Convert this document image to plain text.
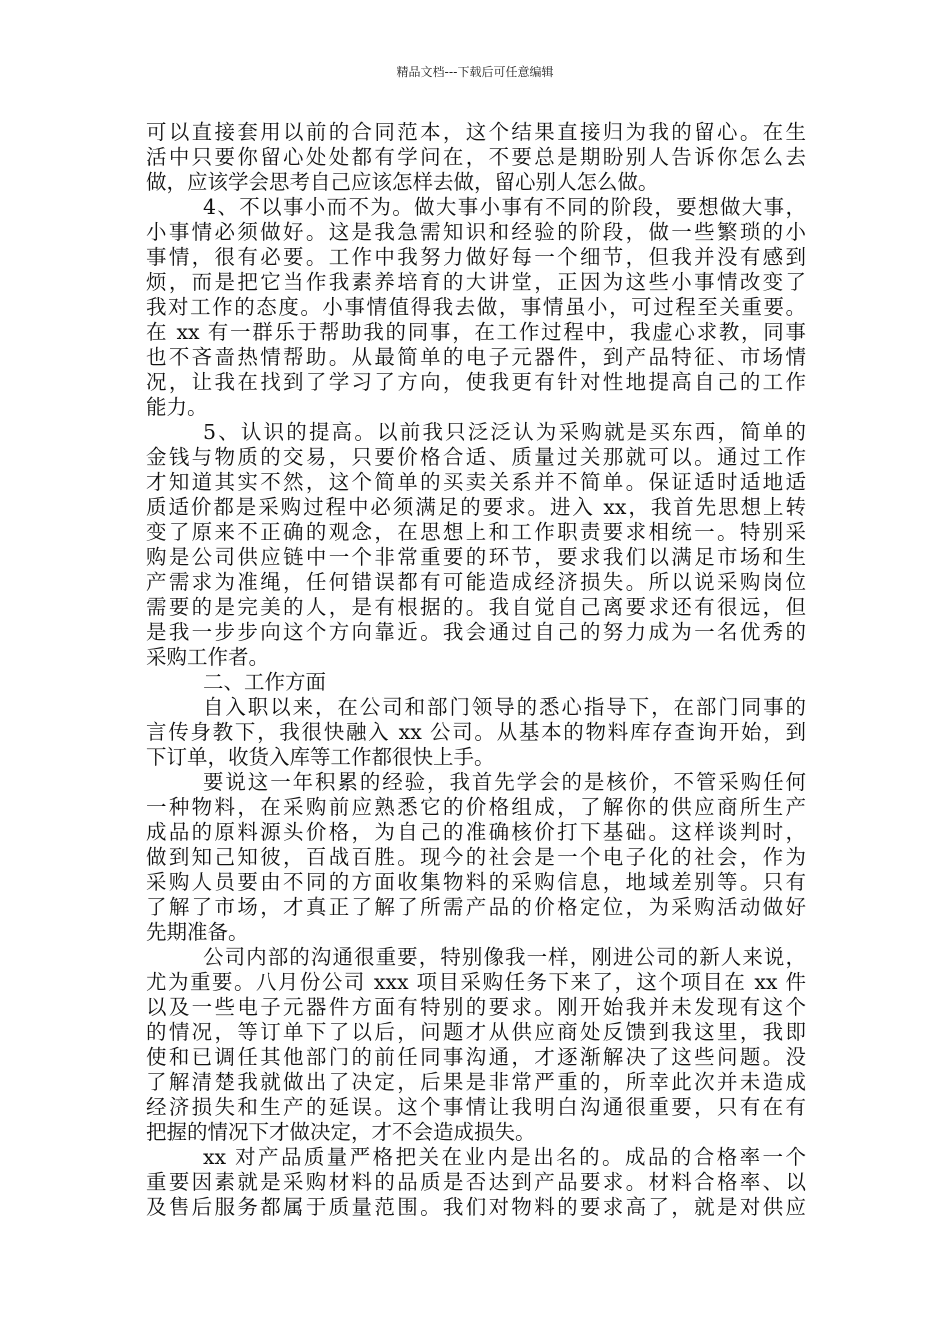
精品文档---下载后可任意编辑
可以直接套用以前的合同范本，这个结果直接归为我的留心。在生
活中只要你留心处处都有学问在，不要总是期盼别人告诉你怎么去
做，应该学会思考自己应该怎样去做，留心别人怎么做。
4、不以事小而不为。做大事小事有不同的阶段，要想做大事，
小事情必须做好。这是我急需知识和经验的阶段，做一些繁琐的小
事情，很有必要。工作中我努力做好每一个细节，但我并没有感到
烦，而是把它当作我素养培育的大讲堂，正因为这些小事情改变了
我对工作的态度。小事情值得我去做，事情虽小，可过程至关重要。
在 xx 有一群乐于帮助我的同事，在工作过程中，我虚心求教，同事
也不吝啬热情帮助。从最简单的电子元器件，到产品特征、市场情
况，让我在找到了学习了方向，使我更有针对性地提高自己的工作
能力。
5、认识的提高。以前我只泛泛认为采购就是买东西，简单的
金钱与物质的交易，只要价格合适、质量过关那就可以。通过工作
才知道其实不然，这个简单的买卖关系并不简单。保证适时适地适
质适价都是采购过程中必须满足的要求。进入 xx，我首先思想上转
变了原来不正确的观念，在思想上和工作职责要求相统一。特别采
购是公司供应链中一个非常重要的环节，要求我们以满足市场和生
产需求为准绳，任何错误都有可能造成经济损失。所以说采购岗位
需要的是完美的人，是有根据的。我自觉自己离要求还有很远，但
是我一步步向这个方向靠近。我会通过自己的努力成为一名优秀的
采购工作者。
二、工作方面
自入职以来，在公司和部门领导的悉心指导下，在部门同事的
言传身教下，我很快融入 xx 公司。从基本的物料库存查询开始，到
下订单，收货入库等工作都很快上手。
要说这一年积累的经验，我首先学会的是核价，不管采购任何
一种物料，在采购前应熟悉它的价格组成，了解你的供应商所生产
成品的原料源头价格，为自己的准确核价打下基础。这样谈判时，
做到知己知彼，百战百胜。现今的社会是一个电子化的社会，作为
采购人员要由不同的方面收集物料的采购信息，地域差别等。只有
了解了市场，才真正了解了所需产品的价格定位，为采购活动做好
先期准备。
公司内部的沟通很重要，特别像我一样，刚进公司的新人来说，
尤为重要。八月份公司 xxx 项目采购任务下来了，这个项目在 xx 件
以及一些电子元器件方面有特别的要求。刚开始我并未发现有这个
的情况，等订单下了以后，问题才从供应商处反馈到我这里，我即
使和已调任其他部门的前任同事沟通，才逐渐解决了这些问题。没
了解清楚我就做出了决定，后果是非常严重的，所幸此次并未造成
经济损失和生产的延误。这个事情让我明白沟通很重要，只有在有
把握的情况下才做决定，才不会造成损失。
xx 对产品质量严格把关在业内是出名的。成品的合格率一个
重要因素就是采购材料的品质是否达到产品要求。材料合格率、以
及售后服务都属于质量范围。我们对物料的要求高了，就是对供应
